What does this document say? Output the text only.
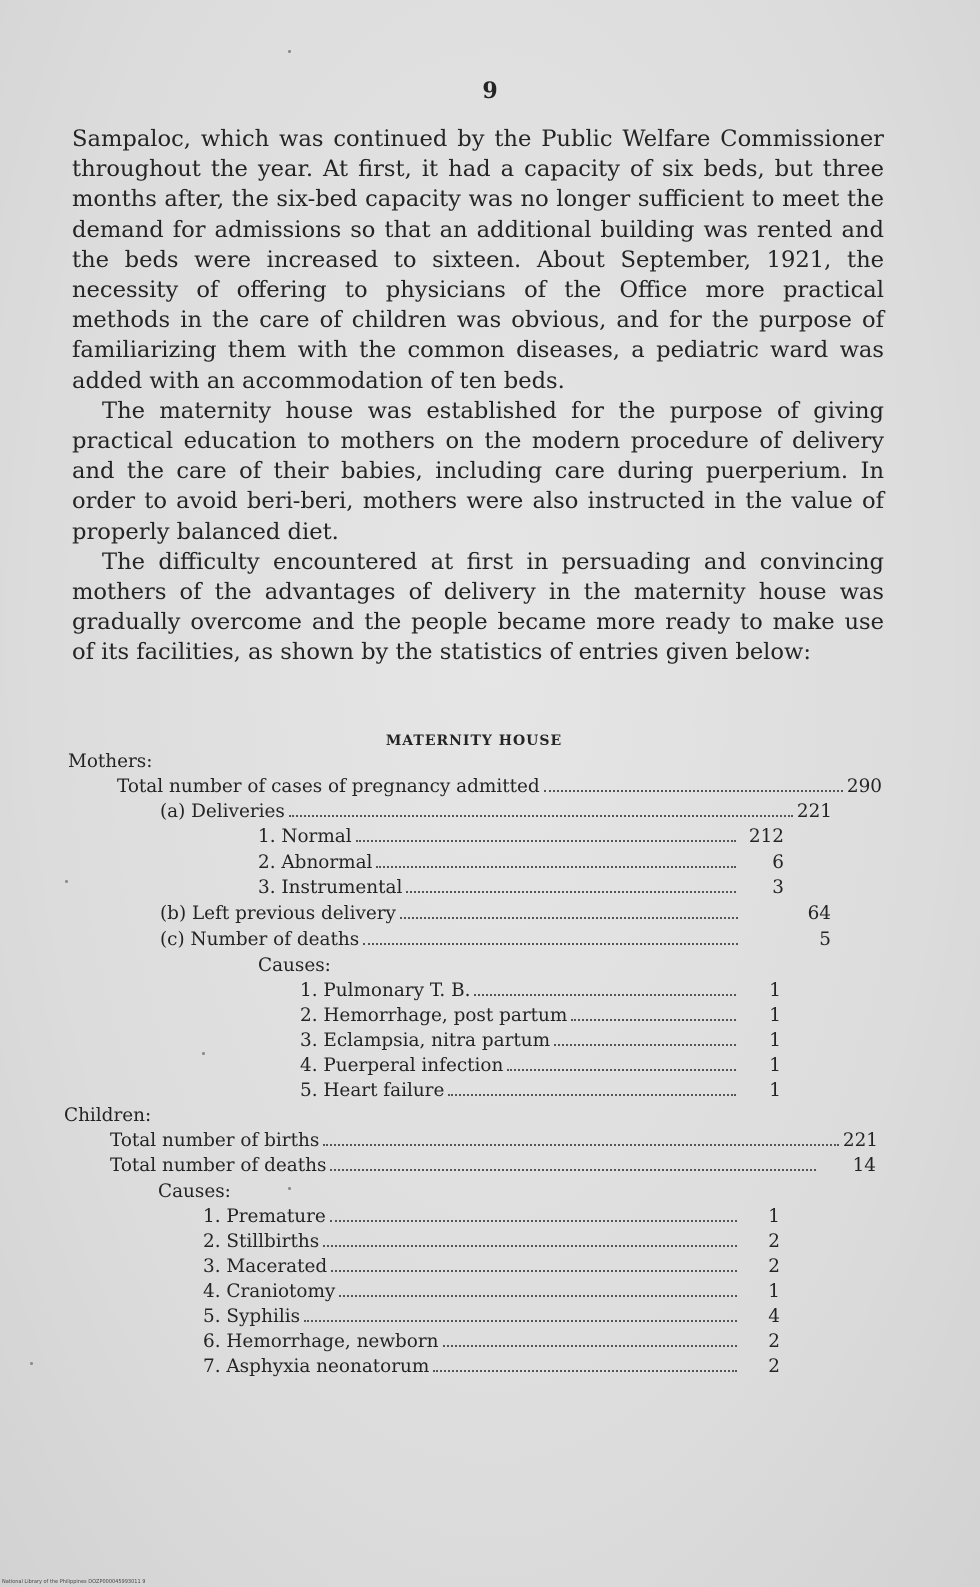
9

Sampaloc, which was continued by the Public Welfare Commissioner throughout the year. At first, it had a capacity of six beds, but three months after, the six-bed capacity was no longer sufficient to meet the demand for admissions so that an additional building was rented and the beds were increased to sixteen. About September, 1921, the necessity of offering to physicians of the Office more practical methods in the care of children was obvious, and for the purpose of familiarizing them with the common diseases, a pediatric ward was added with an accommodation of ten beds.

The maternity house was established for the purpose of giving practical education to mothers on the modern procedure of delivery and the care of their babies, including care during puerperium. In order to avoid beri-beri, mothers were also instructed in the value of properly balanced diet.

The difficulty encountered at first in persuading and convincing mothers of the advantages of delivery in the maternity house was gradually overcome and the people became more ready to make use of its facilities, as shown by the statistics of entries given below:

MATERNITY HOUSE
Mothers:
Total number of cases of pregnancy admitted	290
(a) Deliveries	221
1. Normal	212
2. Abnormal	6
3. Instrumental	3
(b) Left previous delivery	64
(c) Number of deaths	5
Causes:
1. Pulmonary T. B.	1
2. Hemorrhage, post partum	1
3. Eclampsia, nitra partum	1
4. Puerperal infection	1
5. Heart failure	1
Children:
Total number of births	221
Total number of deaths	14
Causes:
1. Premature	1
2. Stillbirths	2
3. Macerated	2
4. Craniotomy	1
5. Syphilis	4
6. Hemorrhage, newborn	2
7. Asphyxia neonatorum	2
National Library of the Philippines DOZP000045993011 9
